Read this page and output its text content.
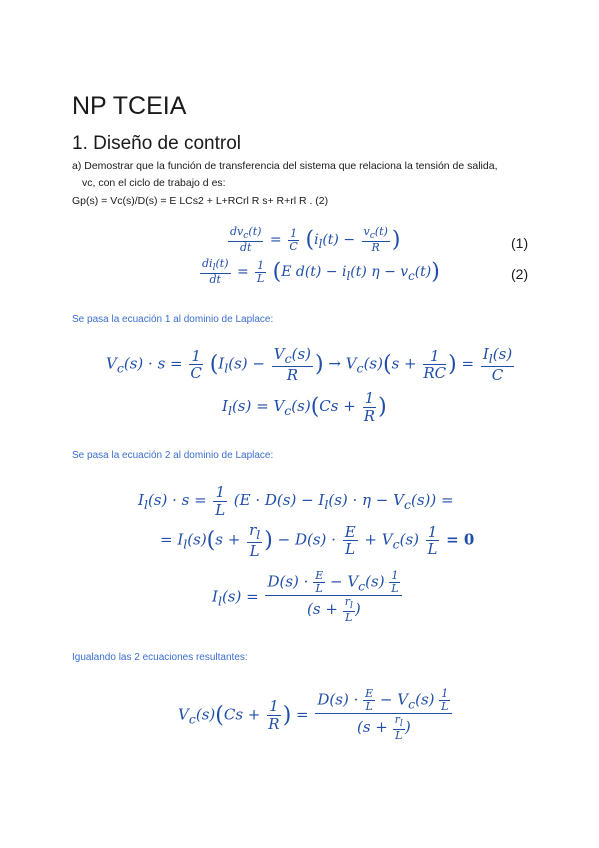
NP TCEIA
1. Diseño de control
a) Demostrar que la función de transferencia del sistema que relaciona la tensión de salida,
vc, con el ciclo de trabajo d es:
Gp(s) = Vc(s)/D(s) = E LCs2 + L+RCrl R s+ R+rl R . (2)
$\frac{dv_c(t)}{dt} = \frac{1}{C} (i_l(t) - \frac{v_c(t)}{R}$ )	(1)
$\frac{di_l(t)}{dt} = \frac{1}{L} (E$ $d(t) - i_l(t) \eta - v_c(t)$)	(2)
Se pasa la ecuación 1 al dominio de Laplace:
$V_c(s) \cdot s = \frac{1}{C} (I_l(s) - \frac{V_c(s)}{R}$ ) → $V_c(s)(s + \frac{1}{RC}$ ) = $\frac{I_l(s)}{C}$
$I_l(s) = V_c(s)(Cs + \frac{1}{R}$ )
Se pasa la ecuación 2 al dominio de Laplace:
$I_l(s) \cdot s = \frac{1}{L} (E \cdot D(s) - I_l(s) \cdot \eta - V_c(s))$ =
= $I_l(s)(s + \frac{r_l}{L}$ ) − $D(s) \cdot \frac{E}{L} + V_c(s) \frac{1}{L} = 0$
$I_l(s) = \frac{D(s) \cdot \frac{E}{L} - V_c(s) \frac{1}{L}}{(s + \frac{r_l}{L} )}$
Igualando las 2 ecuaciones resultantes:
$V_c(s)(Cs + \frac{1}{R}$ ) = $\frac{D(s) \cdot \frac{E}{L} - V_c(s) \frac{1}{L}}{(s + \frac{r_l}{L} )}$
